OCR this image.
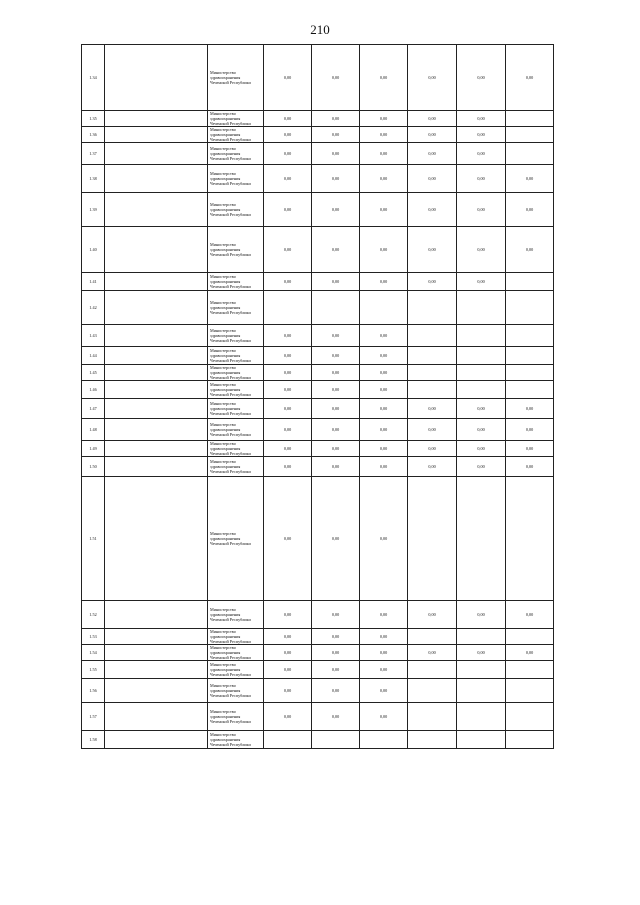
210
1.34		Министерство
здравоохранения
Чеченской Республики	0,00	0,00	0,00	0,00	0,00	0,00
1.35		Министерство
здравоохранения
Чеченской Республики	0,00	0,00	0,00	0,00	0,00	
1.36		Министерство
здравоохранения
Чеченской Республики	0,00	0,00	0,00	0,00	0,00	
1.37		Министерство
здравоохранения
Чеченской Республики	0,00	0,00	0,00	0,00	0,00	
1.38		Министерство
здравоохранения
Чеченской Республики	0,00	0,00	0,00	0,00	0,00	0,00
1.39		Министерство
здравоохранения
Чеченской Республики	0,00	0,00	0,00	0,00	0,00	0,00
1.40		Министерство
здравоохранения
Чеченской Республики	0,00	0,00	0,00	0,00	0,00	0,00
1.41		Министерство
здравоохранения
Чеченской Республики	0,00	0,00	0,00	0,00	0,00	
1.42		Министерство
здравоохранения
Чеченской Республики						

1.43		Министерство
здравоохранения
Чеченской Республики	0,00	0,00	0,00			
1.44		Министерство
здравоохранения
Чеченской Республики	0,00	0,00	0,00			
1.45		Министерство
здравоохранения
Чеченской Республики	0,00	0,00	0,00			
1.46		Министерство
здравоохранения
Чеченской Республики	0,00	0,00	0,00			
1.47		Министерство
здравоохранения
Чеченской Республики	0,00	0,00	0,00	0,00	0,00	0,00
1.48		Министерство
здравоохранения
Чеченской Республики	0,00	0,00	0,00	0,00	0,00	0,00
1.49		Министерство
здравоохранения
Чеченской Республики	0,00	0,00	0,00	0,00	0,00	0,00
1.50		Министерство
здравоохранения
Чеченской Республики	0,00	0,00	0,00	0,00	0,00	0,00
1.51		Министерство
здравоохранения
Чеченской Республики	0,00	0,00	0,00			
1.52		Министерство
здравоохранения
Чеченской Республики	0,00	0,00	0,00	0,00	0,00	0,00
1.53		Министерство
здравоохранения
Чеченской Республики	0,00	0,00	0,00			
1.54		Министерство
здравоохранения
Чеченской Республики	0,00	0,00	0,00	0,00	0,00	0,00
1.55		Министерство
здравоохранения
Чеченской Республики	0,00	0,00	0,00			
1.56		Министерство
здравоохранения
Чеченской Республики	0,00	0,00	0,00			
1.57		Министерство
здравоохранения
Чеченской Республики	0,00	0,00	0,00			
1.58		Министерство
здравоохранения
Чеченской Республики						
